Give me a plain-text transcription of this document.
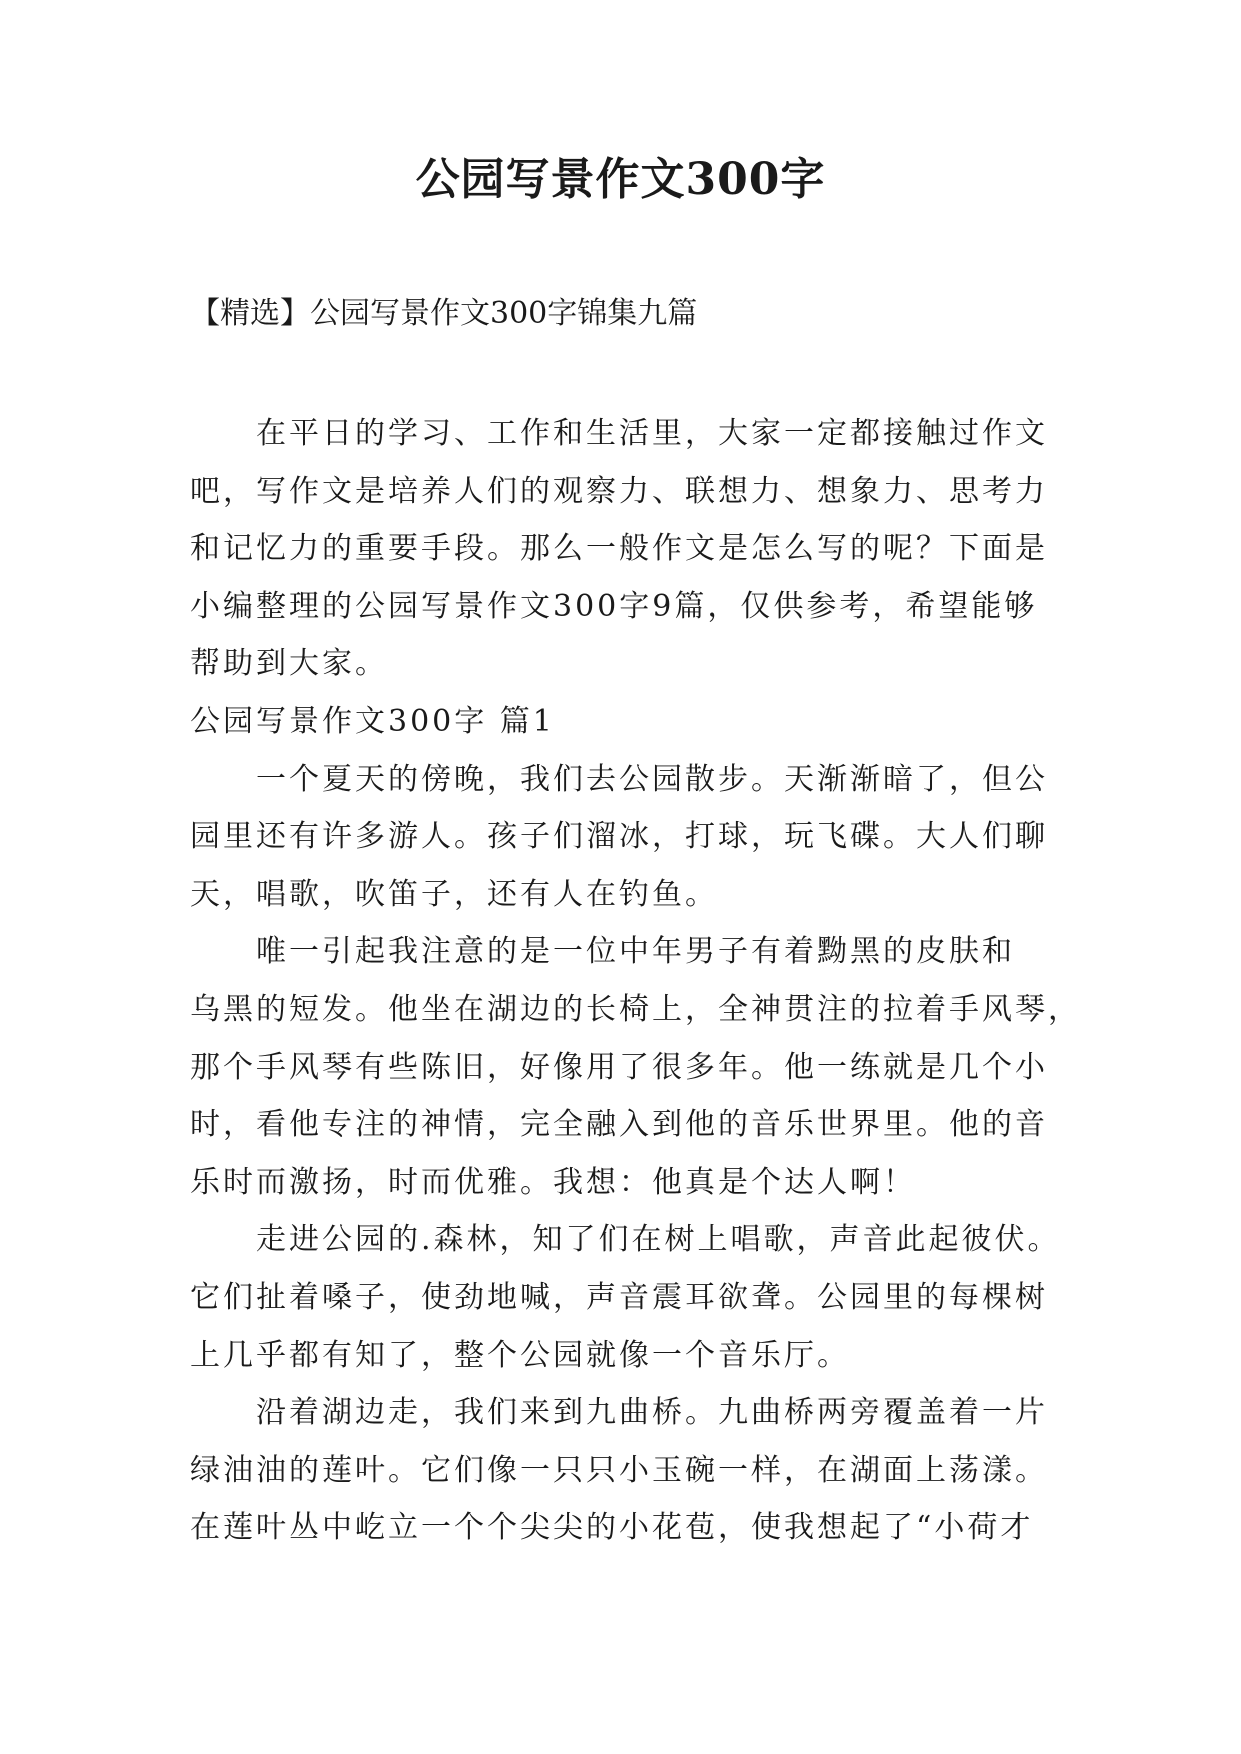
公园写景作文300字

【精选】公园写景作文300字锦集九篇

在平日的学习、工作和生活里，大家一定都接触过作文
吧，写作文是培养人们的观察力、联想力、想象力、思考力
和记忆力的重要手段。那么一般作文是怎么写的呢？下面是
小编整理的公园写景作文300字9篇，仅供参考，希望能够
帮助到大家。
公园写景作文300字 篇1
一个夏天的傍晚，我们去公园散步。天渐渐暗了，但公
园里还有许多游人。孩子们溜冰，打球，玩飞碟。大人们聊
天，唱歌，吹笛子，还有人在钓鱼。
唯一引起我注意的是一位中年男子有着黝黑的皮肤和
乌黑的短发。他坐在湖边的长椅上，全神贯注的拉着手风琴，
那个手风琴有些陈旧，好像用了很多年。他一练就是几个小
时，看他专注的神情，完全融入到他的音乐世界里。他的音
乐时而激扬，时而优雅。我想：他真是个达人啊！
走进公园的.森林，知了们在树上唱歌，声音此起彼伏。
它们扯着嗓子，使劲地喊，声音震耳欲聋。公园里的每棵树
上几乎都有知了，整个公园就像一个音乐厅。
沿着湖边走，我们来到九曲桥。九曲桥两旁覆盖着一片
绿油油的莲叶。它们像一只只小玉碗一样，在湖面上荡漾。
在莲叶丛中屹立一个个尖尖的小花苞，使我想起了“小荷才
